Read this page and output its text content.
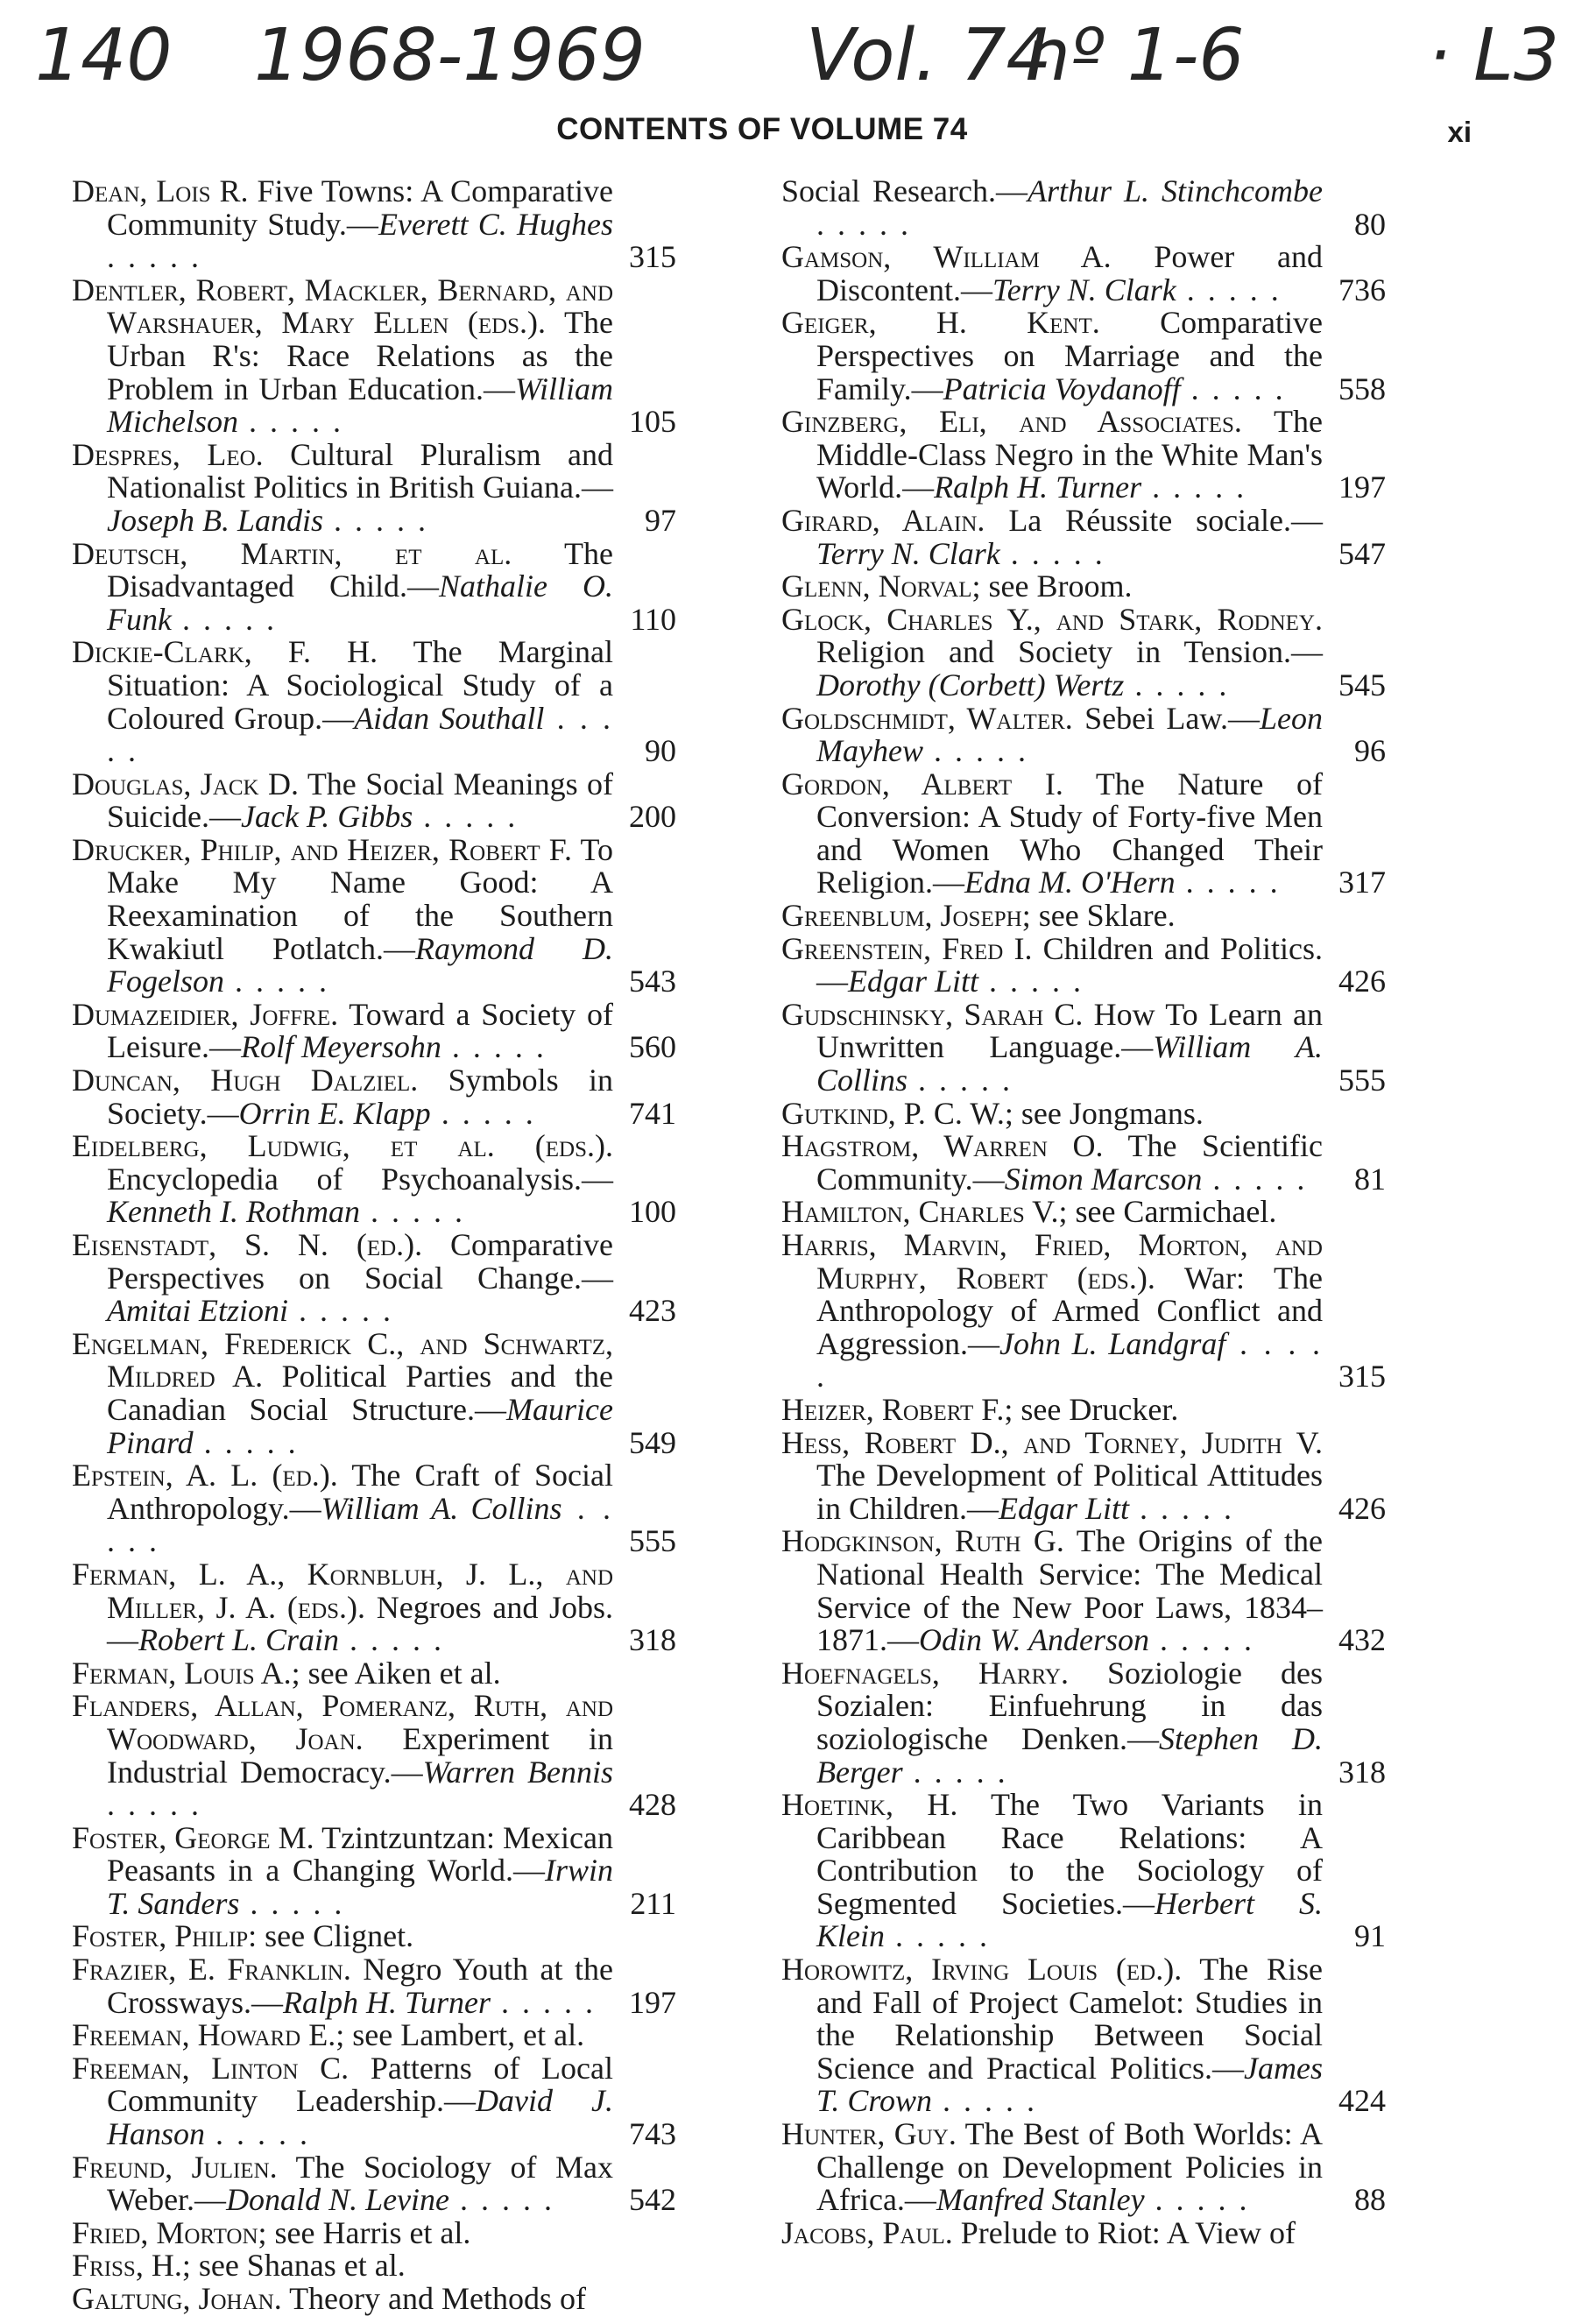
140 1968-1969 Vol. 74
nº 1-6	· L3
CONTENTS OF VOLUME 74	xi

Dean, Lois R. Five Towns: A Comparative Community Study.—Everett C. Hughes . . . . .	315

Dentler, Robert, Mackler, Bernard, and Warshauer, Mary Ellen (eds.). The Urban R's: Race Relations as the Problem in Urban Education.—William Michelson . . . . .	105

Despres, Leo. Cultural Pluralism and Nationalist Politics in British Guiana.—Joseph B. Landis . . . . .	97

Deutsch, Martin, et al. The Disadvantaged Child.—Nathalie O. Funk . . . . .	110

Dickie-Clark, F. H. The Marginal Situation: A Sociological Study of a Coloured Group.—Aidan Southall . . . . .	90

Douglas, Jack D. The Social Meanings of Suicide.—Jack P. Gibbs . . . . .	200

Drucker, Philip, and Heizer, Robert F. To Make My Name Good: A Reexamination of the Southern Kwakiutl Potlatch.—Raymond D. Fogelson . . . . .	543

Dumazeidier, Joffre. Toward a Society of Leisure.—Rolf Meyersohn . . . . .	560

Duncan, Hugh Dalziel. Symbols in Society.—Orrin E. Klapp . . . . .	741

Eidelberg, Ludwig, et al. (eds.). Encyclopedia of Psychoanalysis.—Kenneth I. Rothman . . . . .	100

Eisenstadt, S. N. (ed.). Comparative Perspectives on Social Change.—Amitai Etzioni . . . . .	423

Engelman, Frederick C., and Schwartz, Mildred A. Political Parties and the Canadian Social Structure.—Maurice Pinard . . . . .	549

Epstein, A. L. (ed.). The Craft of Social Anthropology.—William A. Collins . . . . .	555

Ferman, L. A., Kornbluh, J. L., and Miller, J. A. (eds.). Negroes and Jobs.—Robert L. Crain . . . . .	318

Ferman, Louis A.; see Aiken et al.

Flanders, Allan, Pomeranz, Ruth, and Woodward, Joan. Experiment in Industrial Democracy.—Warren Bennis . . . . .	428

Foster, George M. Tzintzuntzan: Mexican Peasants in a Changing World.—Irwin T. Sanders . . . . .	211

Foster, Philip: see Clignet.

Frazier, E. Franklin. Negro Youth at the Crossways.—Ralph H. Turner . . . . . 197

Freeman, Howard E.; see Lambert, et al.

Freeman, Linton C. Patterns of Local Community Leadership.—David J. Hanson . . . . .	743

Freund, Julien. The Sociology of Max Weber.—Donald N. Levine . . . . . 542

Fried, Morton; see Harris et al.

Friss, H.; see Shanas et al.

Galtung, Johan. Theory and Methods of

Social Research.—Arthur L. Stinchcombe . . . . .	80

Gamson, William A. Power and Discontent.—Terry N. Clark . . . . . 736

Geiger, H. Kent. Comparative Perspectives on Marriage and the Family.—Patricia Voydanoff . . . . . 558

Ginzberg, Eli, and Associates. The Middle-Class Negro in the White Man's World.—Ralph H. Turner . . . . .	197

Girard, Alain. La Réussite sociale.—Terry N. Clark . . . . .	547

Glenn, Norval; see Broom.

Glock, Charles Y., and Stark, Rodney. Religion and Society in Tension.—Dorothy (Corbett) Wertz . . . . .	545

Goldschmidt, Walter. Sebei Law.—Leon Mayhew . . . . .	96

Gordon, Albert I. The Nature of Conversion: A Study of Forty-five Men and Women Who Changed Their Religion.—Edna M. O'Hern . . . . . 317

Greenblum, Joseph; see Sklare.

Greenstein, Fred I. Children and Politics.—Edgar Litt . . . . .	426

Gudschinsky, Sarah C. How To Learn an Unwritten Language.—William A. Collins . . . . .	555

Gutkind, P. C. W.; see Jongmans.

Hagstrom, Warren O. The Scientific Community.—Simon Marcson . . . . . 81

Hamilton, Charles V.; see Carmichael.

Harris, Marvin, Fried, Morton, and Murphy, Robert (eds.). War: The Anthropology of Armed Conflict and Aggression.—John L. Landgraf . . . . .	315

Heizer, Robert F.; see Drucker.

Hess, Robert D., and Torney, Judith V. The Development of Political Attitudes in Children.—Edgar Litt . . . . .	426

Hodgkinson, Ruth G. The Origins of the National Health Service: The Medical Service of the New Poor Laws, 1834–1871.—Odin W. Anderson . . . . .	432

Hoefnagels, Harry. Soziologie des Sozialen: Einfuehrung in das soziologische Denken.—Stephen D. Berger . . . . .	318

Hoetink, H. The Two Variants in Caribbean Race Relations: A Contribution to the Sociology of Segmented Societies.—Herbert S. Klein . . . . .	91

Horowitz, Irving Louis (ed.). The Rise and Fall of Project Camelot: Studies in the Relationship Between Social Science and Practical Politics.—James T. Crown . . . . .	424

Hunter, Guy. The Best of Both Worlds: A Challenge on Development Policies in Africa.—Manfred Stanley . . . . .	88

Jacobs, Paul. Prelude to Riot: A View of
